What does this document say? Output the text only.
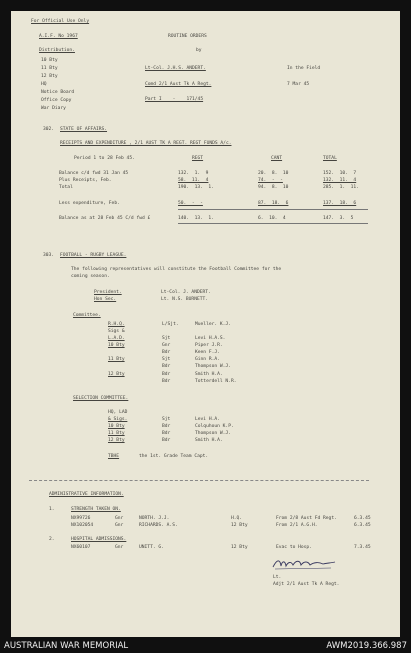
For Official Use Only
A.I.F. No 1967	ROUTINE ORDERS
by
Distribution.
10 Bty
11 Bty
12 Bty
HQ
Notice Board
Office Copy
War Diary
Lt-Col. J.H.S. ANDERT.
Comd 2/1 Aust Tk A Regt.
Part I    -    171/45
In the Field
7 Mar 45
302. STATE OF AFFAIRS.
RECEIPTS AND EXPENDITURE , 2/1 AUST TK A REGT. REGT FUNDS A/c.
Period 1 to 28 Feb 45.	REGT	CANT	TOTAL
Balance c/d fwd 31 Jan 45	132.  1.  9	20.  8.  10	152.  10.  7
Plus Receipts, Feb.	58.  11.  4	74.  -  -	132.  11.  4
Total	190.  13.  1.	94.  8.  10	285.  1.  11.
Less expenditure, Feb.	50.  -  -	87.  18.  6	137.  18.  6
Balance as at 28 Feb 45 C/d fwd £	140.  13.  1.	6.  10.  4	147.  3.  5
303. FOOTBALL - RUGBY LEAGUE.
The following representatives will constitute the Football Committee for the
coming season.
President.	Lt-Col. J. ANDERT.
Hon Sec.	Lt. N.S. BURNETT.
Committee.
R.H.Q.	L/Sjt.	Mueller. K.J.
Sigs &
L.A.D.	Sjt	Levi H.A.S.
10 Bty	Gnr	Piper J.R.
Bdr	Keen F.J.
11 Bty	Sjt	Ginn R.A.
Bdr	Thompson W.J.
12 Bty	Bdr	Smith H.A.
Bdr	Totterdell N.R.
SELECTION COMMITTEE.
HQ, LAD
& Sigs.	Sjt	Levi H.A.
10 Bty	Bdr	Colquhoun K.P.
11 Bty	Bdr	Thompson W.J.
12 Bty	Bdr	Smith H.A.
TBHE	the 1st. Grade Team Capt.
ADMINISTRATIVE INFORMATION.
1.	STRENGTH TAKEN ON.
NX99726	Gnr	NORTH. J.J.	H.Q.	From 2/8 Aust Fd Regt.	6.3.45
NX102054	Gnr	RICHARDS. A.S.	12 Bty	From 2/1 A.G.H.	6.3.45
2.	HOSPITAL ADMISSIONS.
NX60107	Gnr	UNITT. G.	12 Bty	Evac to Hosp.	7.3.45
Lt.
Adjt 2/1 Aust Tk A Regt.
AUSTRALIAN WAR MEMORIAL	AWM2019.366.987
